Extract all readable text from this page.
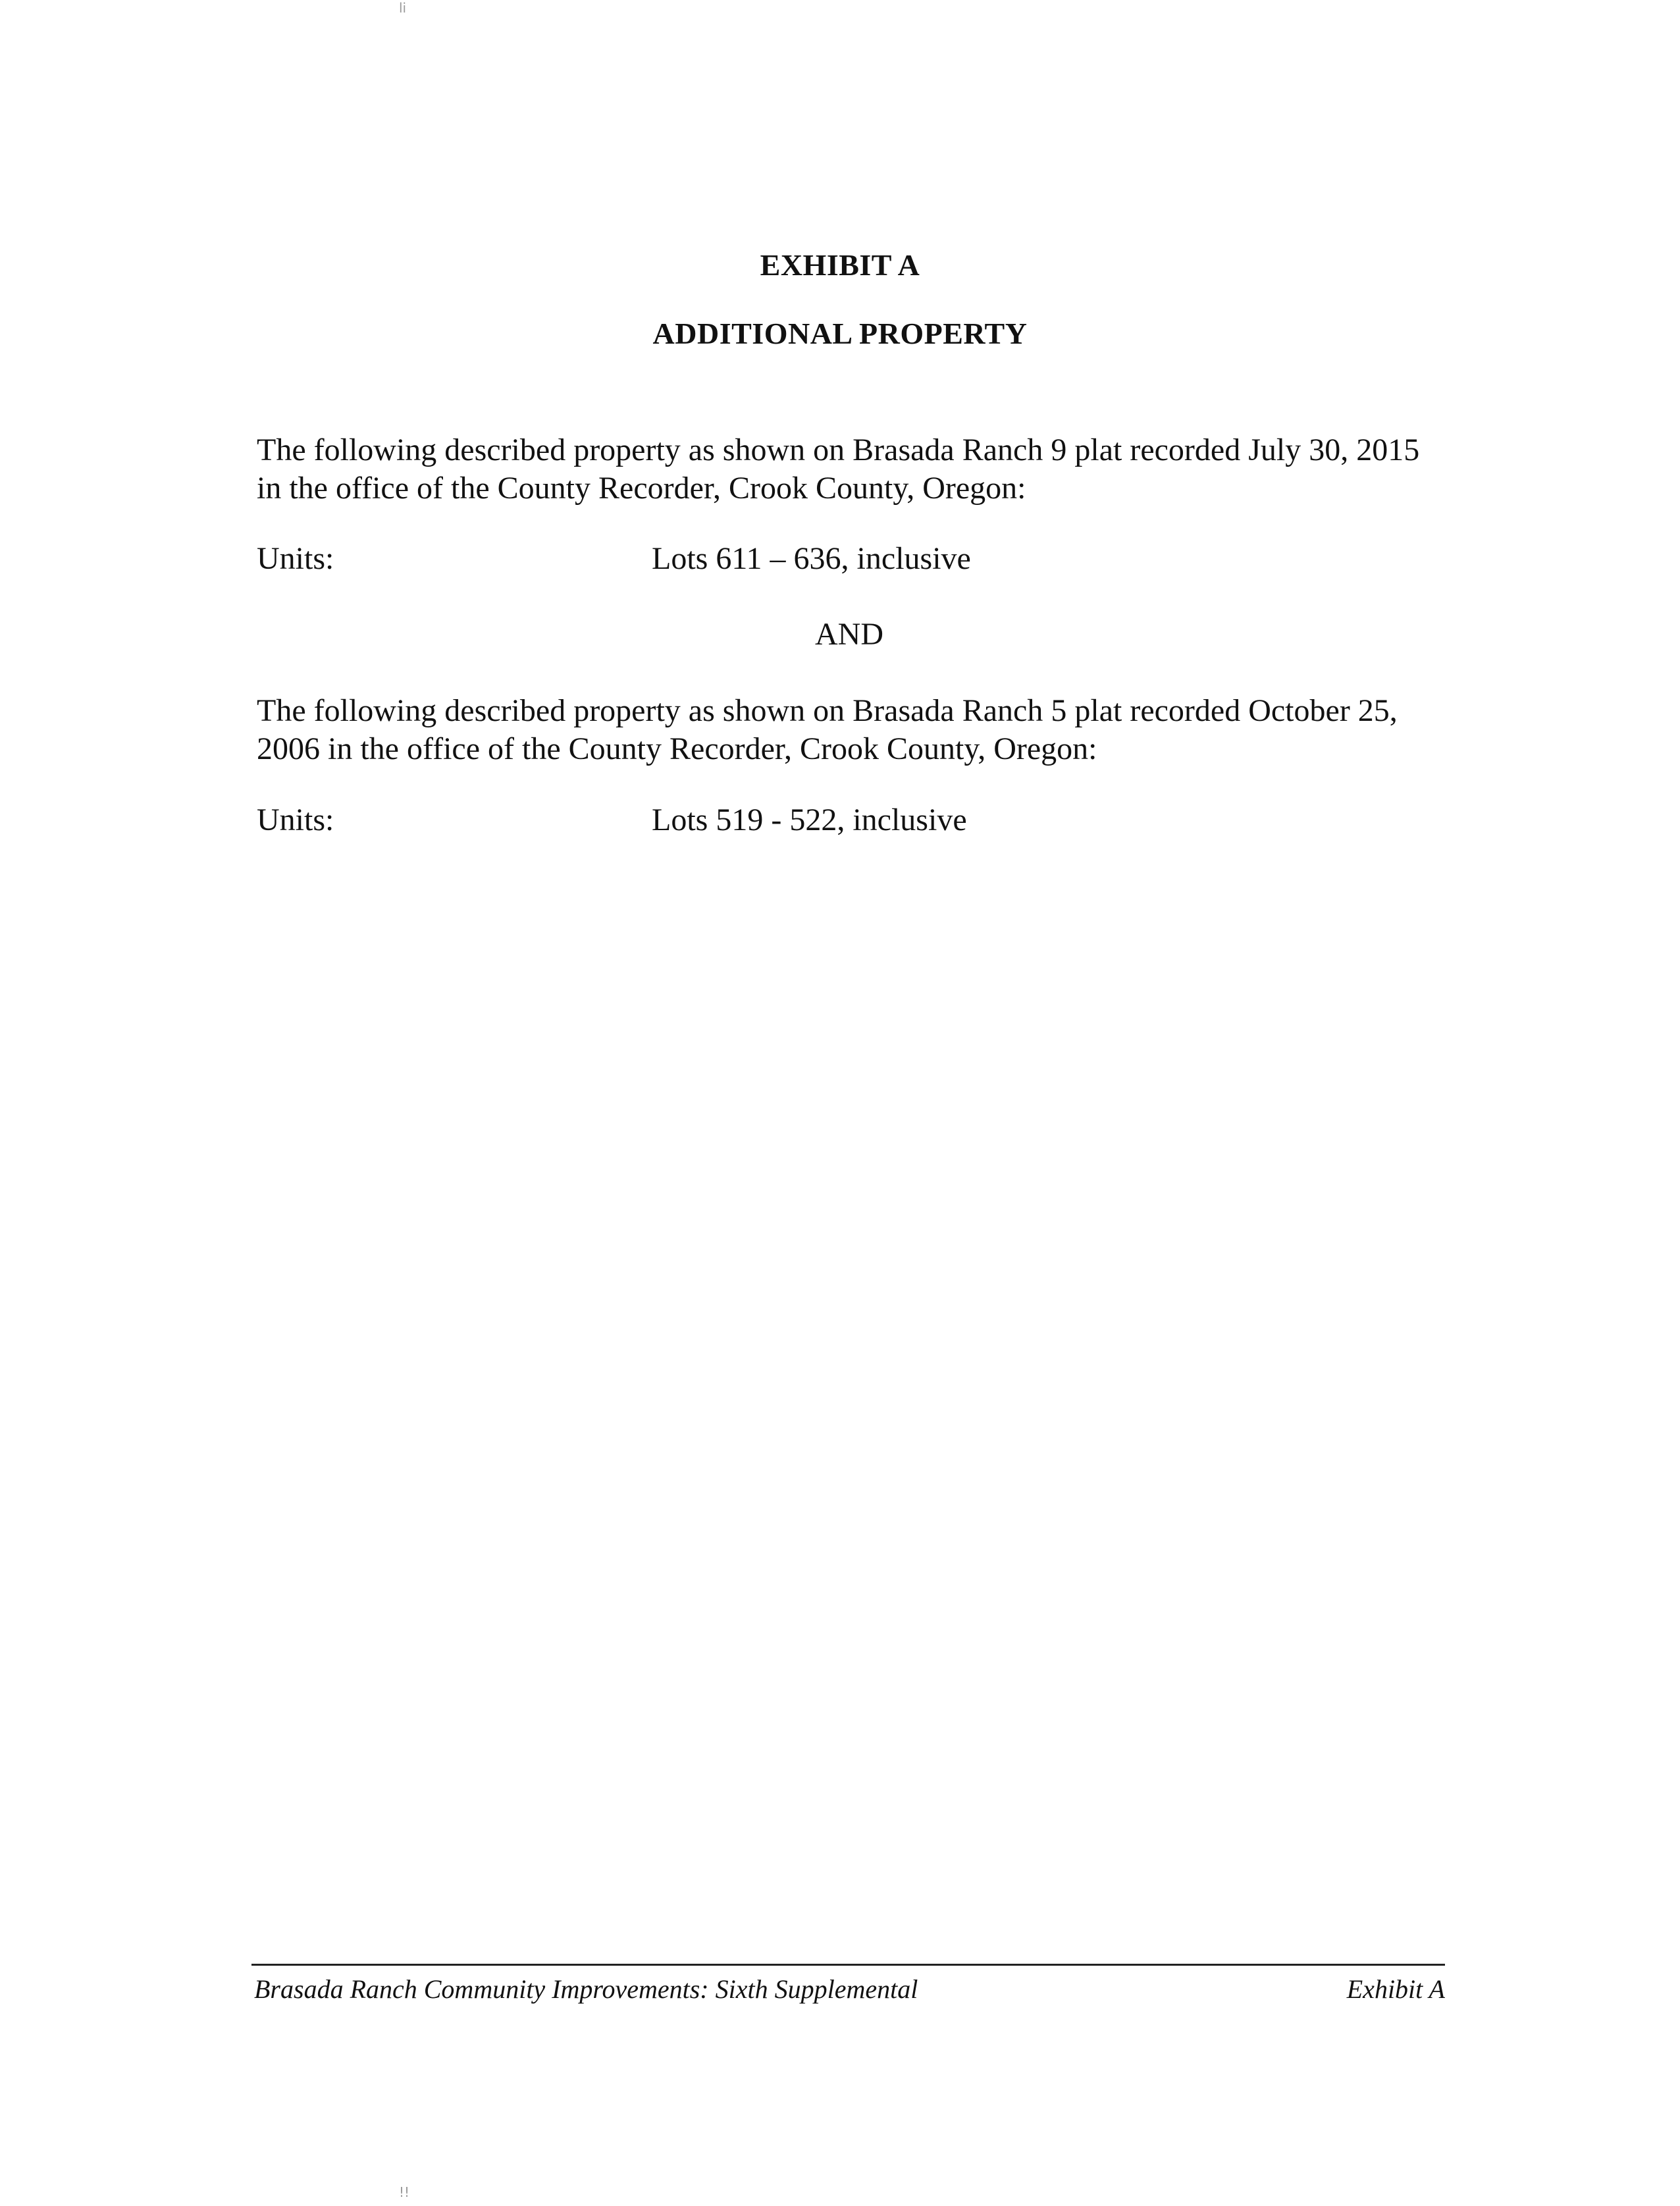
li
EXHIBIT A
ADDITIONAL PROPERTY
The following described property as shown on Brasada Ranch 9 plat recorded July 30, 2015 in the office of the County Recorder, Crook County, Oregon:
Units:	Lots 611 – 636, inclusive
AND
The following described property as shown on Brasada Ranch 5 plat recorded October 25, 2006 in the office of the County Recorder, Crook County, Oregon:
Units:	Lots 519 - 522, inclusive
Brasada Ranch Community Improvements: Sixth Supplemental	Exhibit A
!!
